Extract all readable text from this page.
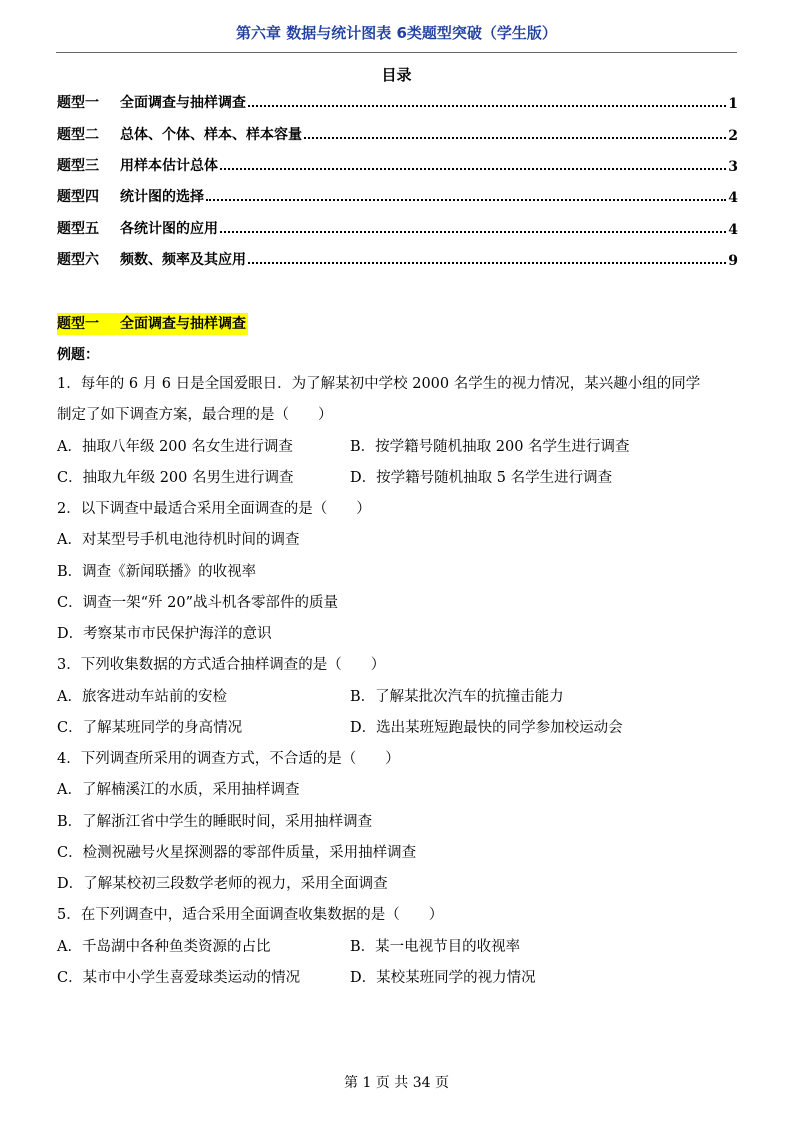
第六章 数据与统计图表 6类题型突破（学生版）
目录
题型一	全面调查与抽样调查	1
题型二	总体、个体、样本、样本容量	2
题型三	用样本估计总体	3
题型四	统计图的选择	4
题型五	各统计图的应用	4
题型六	频数、频率及其应用	9
题型一 全面调查与抽样调查
例题：
1．每年的 6 月 6 日是全国爱眼日．为了解某初中学校 2000 名学生的视力情况，某兴趣小组的同学
制定了如下调查方案，最合理的是（　　）
A．抽取八年级 200 名女生进行调查	B．按学籍号随机抽取 200 名学生进行调查
C．抽取九年级 200 名男生进行调查	D．按学籍号随机抽取 5 名学生进行调查
2．以下调查中最适合采用全面调查的是（　　）
A．对某型号手机电池待机时间的调查
B．调查《新闻联播》的收视率
C．调查一架“歼 20”战斗机各零部件的质量
D．考察某市市民保护海洋的意识
3．下列收集数据的方式适合抽样调查的是（　　）
A．旅客进动车站前的安检	B．了解某批次汽车的抗撞击能力
C．了解某班同学的身高情况	D．选出某班短跑最快的同学参加校运动会
4．下列调查所采用的调查方式，不合适的是（　　）
A．了解楠溪江的水质，采用抽样调查
B．了解浙江省中学生的睡眠时间，采用抽样调查
C．检测祝融号火星探测器的零部件质量，采用抽样调查
D．了解某校初三段数学老师的视力，采用全面调查
5．在下列调查中，适合采用全面调查收集数据的是（　　）
A．千岛湖中各种鱼类资源的占比	B．某一电视节目的收视率
C．某市中小学生喜爱球类运动的情况	D．某校某班同学的视力情况
第 1 页 共 34 页
